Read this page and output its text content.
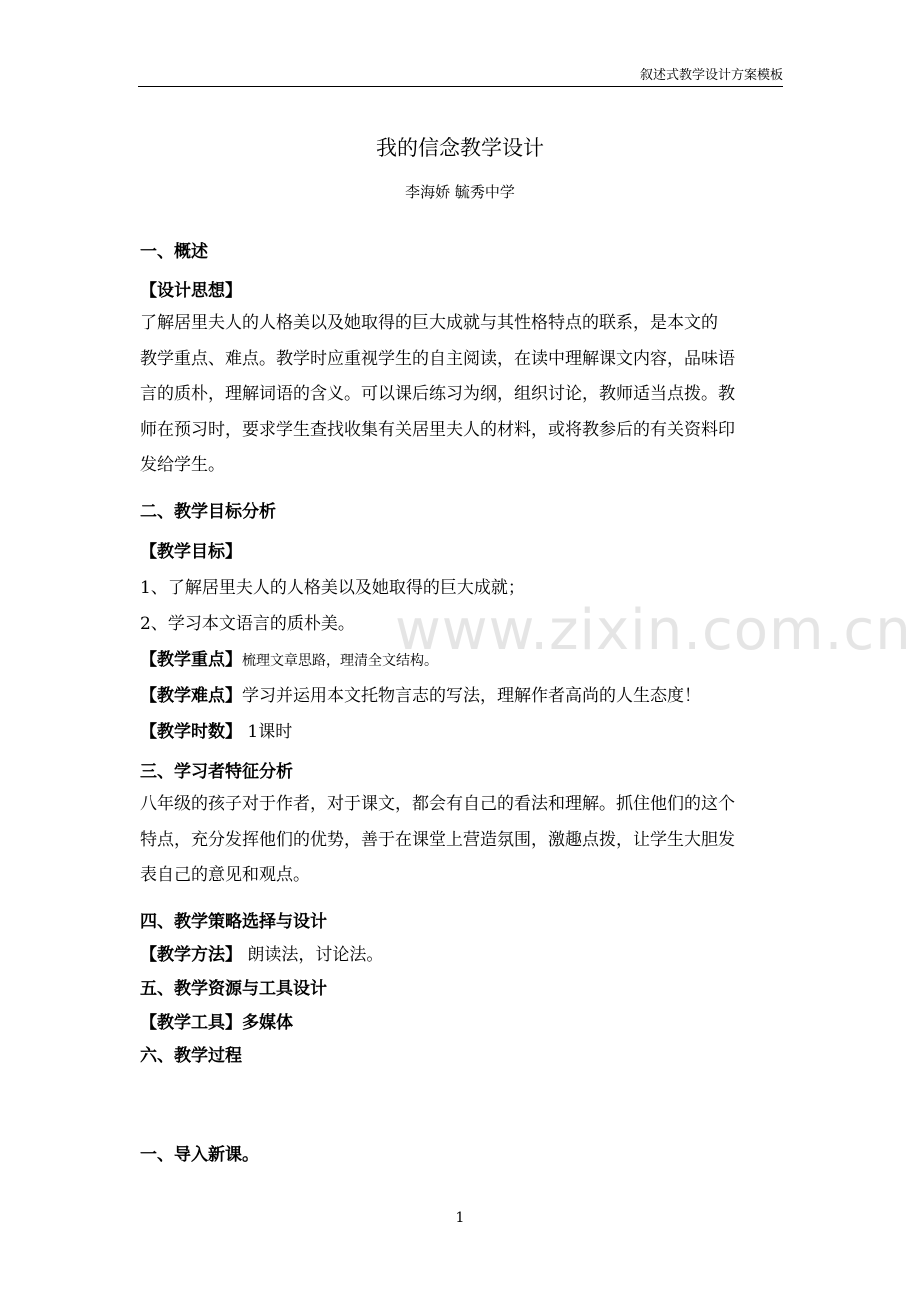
叙述式教学设计方案模板
我的信念教学设计
李海娇 毓秀中学
一、概述
【设计思想】
了解居里夫人的人格美以及她取得的巨大成就与其性格特点的联系，是本文的
教学重点、难点。教学时应重视学生的自主阅读，在读中理解课文内容，品味语
言的质朴，理解词语的含义。可以课后练习为纲，组织讨论，教师适当点拨。教
师在预习时，要求学生查找收集有关居里夫人的材料，或将教参后的有关资料印
发给学生。
二、教学目标分析
【教学目标】
1、了解居里夫人的人格美以及她取得的巨大成就；
2、学习本文语言的质朴美。
【教学重点】梳理文章思路，理清全文结构。
【教学难点】学习并运用本文托物言志的写法，理解作者高尚的人生态度！
【教学时数】 1课时
三、学习者特征分析
八年级的孩子对于作者，对于课文，都会有自己的看法和理解。抓住他们的这个
特点，充分发挥他们的优势，善于在课堂上营造氛围，激趣点拨，让学生大胆发
表自己的意见和观点。
四、教学策略选择与设计
【教学方法】 朗读法，讨论法。
五、教学资源与工具设计
【教学工具】多媒体
六、教学过程
一、导入新课。
www.zixin.com.cn
1
